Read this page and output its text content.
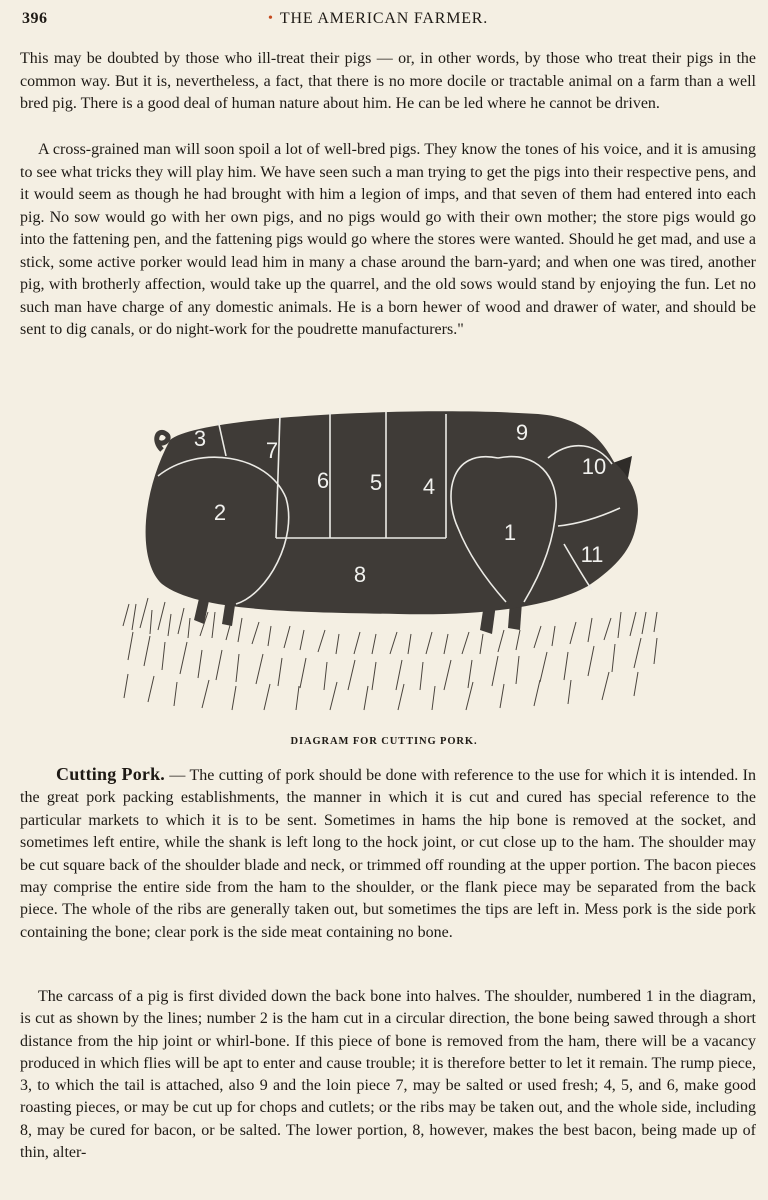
396	• THE AMERICAN FARMER.

This may be doubted by those who ill-treat their pigs — or, in other words, by those who treat their pigs in the common way. But it is, nevertheless, a fact, that there is no more docile or tractable animal on a farm than a well bred pig. There is a good deal of human nature about him. He can be led where he cannot be driven.

A cross-grained man will soon spoil a lot of well-bred pigs. They know the tones of his voice, and it is amusing to see what tricks they will play him. We have seen such a man trying to get the pigs into their respective pens, and it would seem as though he had brought with him a legion of imps, and that seven of them had entered into each pig. No sow would go with her own pigs, and no pigs would go with their own mother; the store pigs would go into the fattening pen, and the fattening pigs would go where the stores were wanted. Should he get mad, and use a stick, some active porker would lead him in many a chase around the barn-yard; and when one was tired, another pig, with brotherly affection, would take up the quarrel, and the old sows would stand by enjoying the fun. Let no such man have charge of any domestic animals. He is a born hewer of wood and drawer of water, and should be sent to dig canals, or do night-work for the poudrette manufacturers."

3	7
6 5 4
9
10
2
1
8
11
DIAGRAM FOR CUTTING PORK.

Cutting Pork. — The cutting of pork should be done with reference to the use for which it is intended. In the great pork packing establishments, the manner in which it is cut and cured has special reference to the particular markets to which it is to be sent. Sometimes in hams the hip bone is removed at the socket, and sometimes left entire, while the shank is left long to the hock joint, or cut close up to the ham. The shoulder may be cut square back of the shoulder blade and neck, or trimmed off rounding at the upper portion. The bacon pieces may comprise the entire side from the ham to the shoulder, or the flank piece may be separated from the back piece. The whole of the ribs are generally taken out, but sometimes the tips are left in. Mess pork is the side pork containing the bone; clear pork is the side meat containing no bone.

The carcass of a pig is first divided down the back bone into halves. The shoulder, numbered 1 in the diagram, is cut as shown by the lines; number 2 is the ham cut in a circular direction, the bone being sawed through a short distance from the hip joint or whirl-bone. If this piece of bone is removed from the ham, there will be a vacancy produced in which flies will be apt to enter and cause trouble; it is therefore better to let it remain. The rump piece, 3, to which the tail is attached, also 9 and the loin piece 7, may be salted or used fresh; 4, 5, and 6, make good roasting pieces, or may be cut up for chops and cutlets; or the ribs may be taken out, and the whole side, including 8, may be cured for bacon, or be salted. The lower portion, 8, however, makes the best bacon, being made up of thin, alter-
